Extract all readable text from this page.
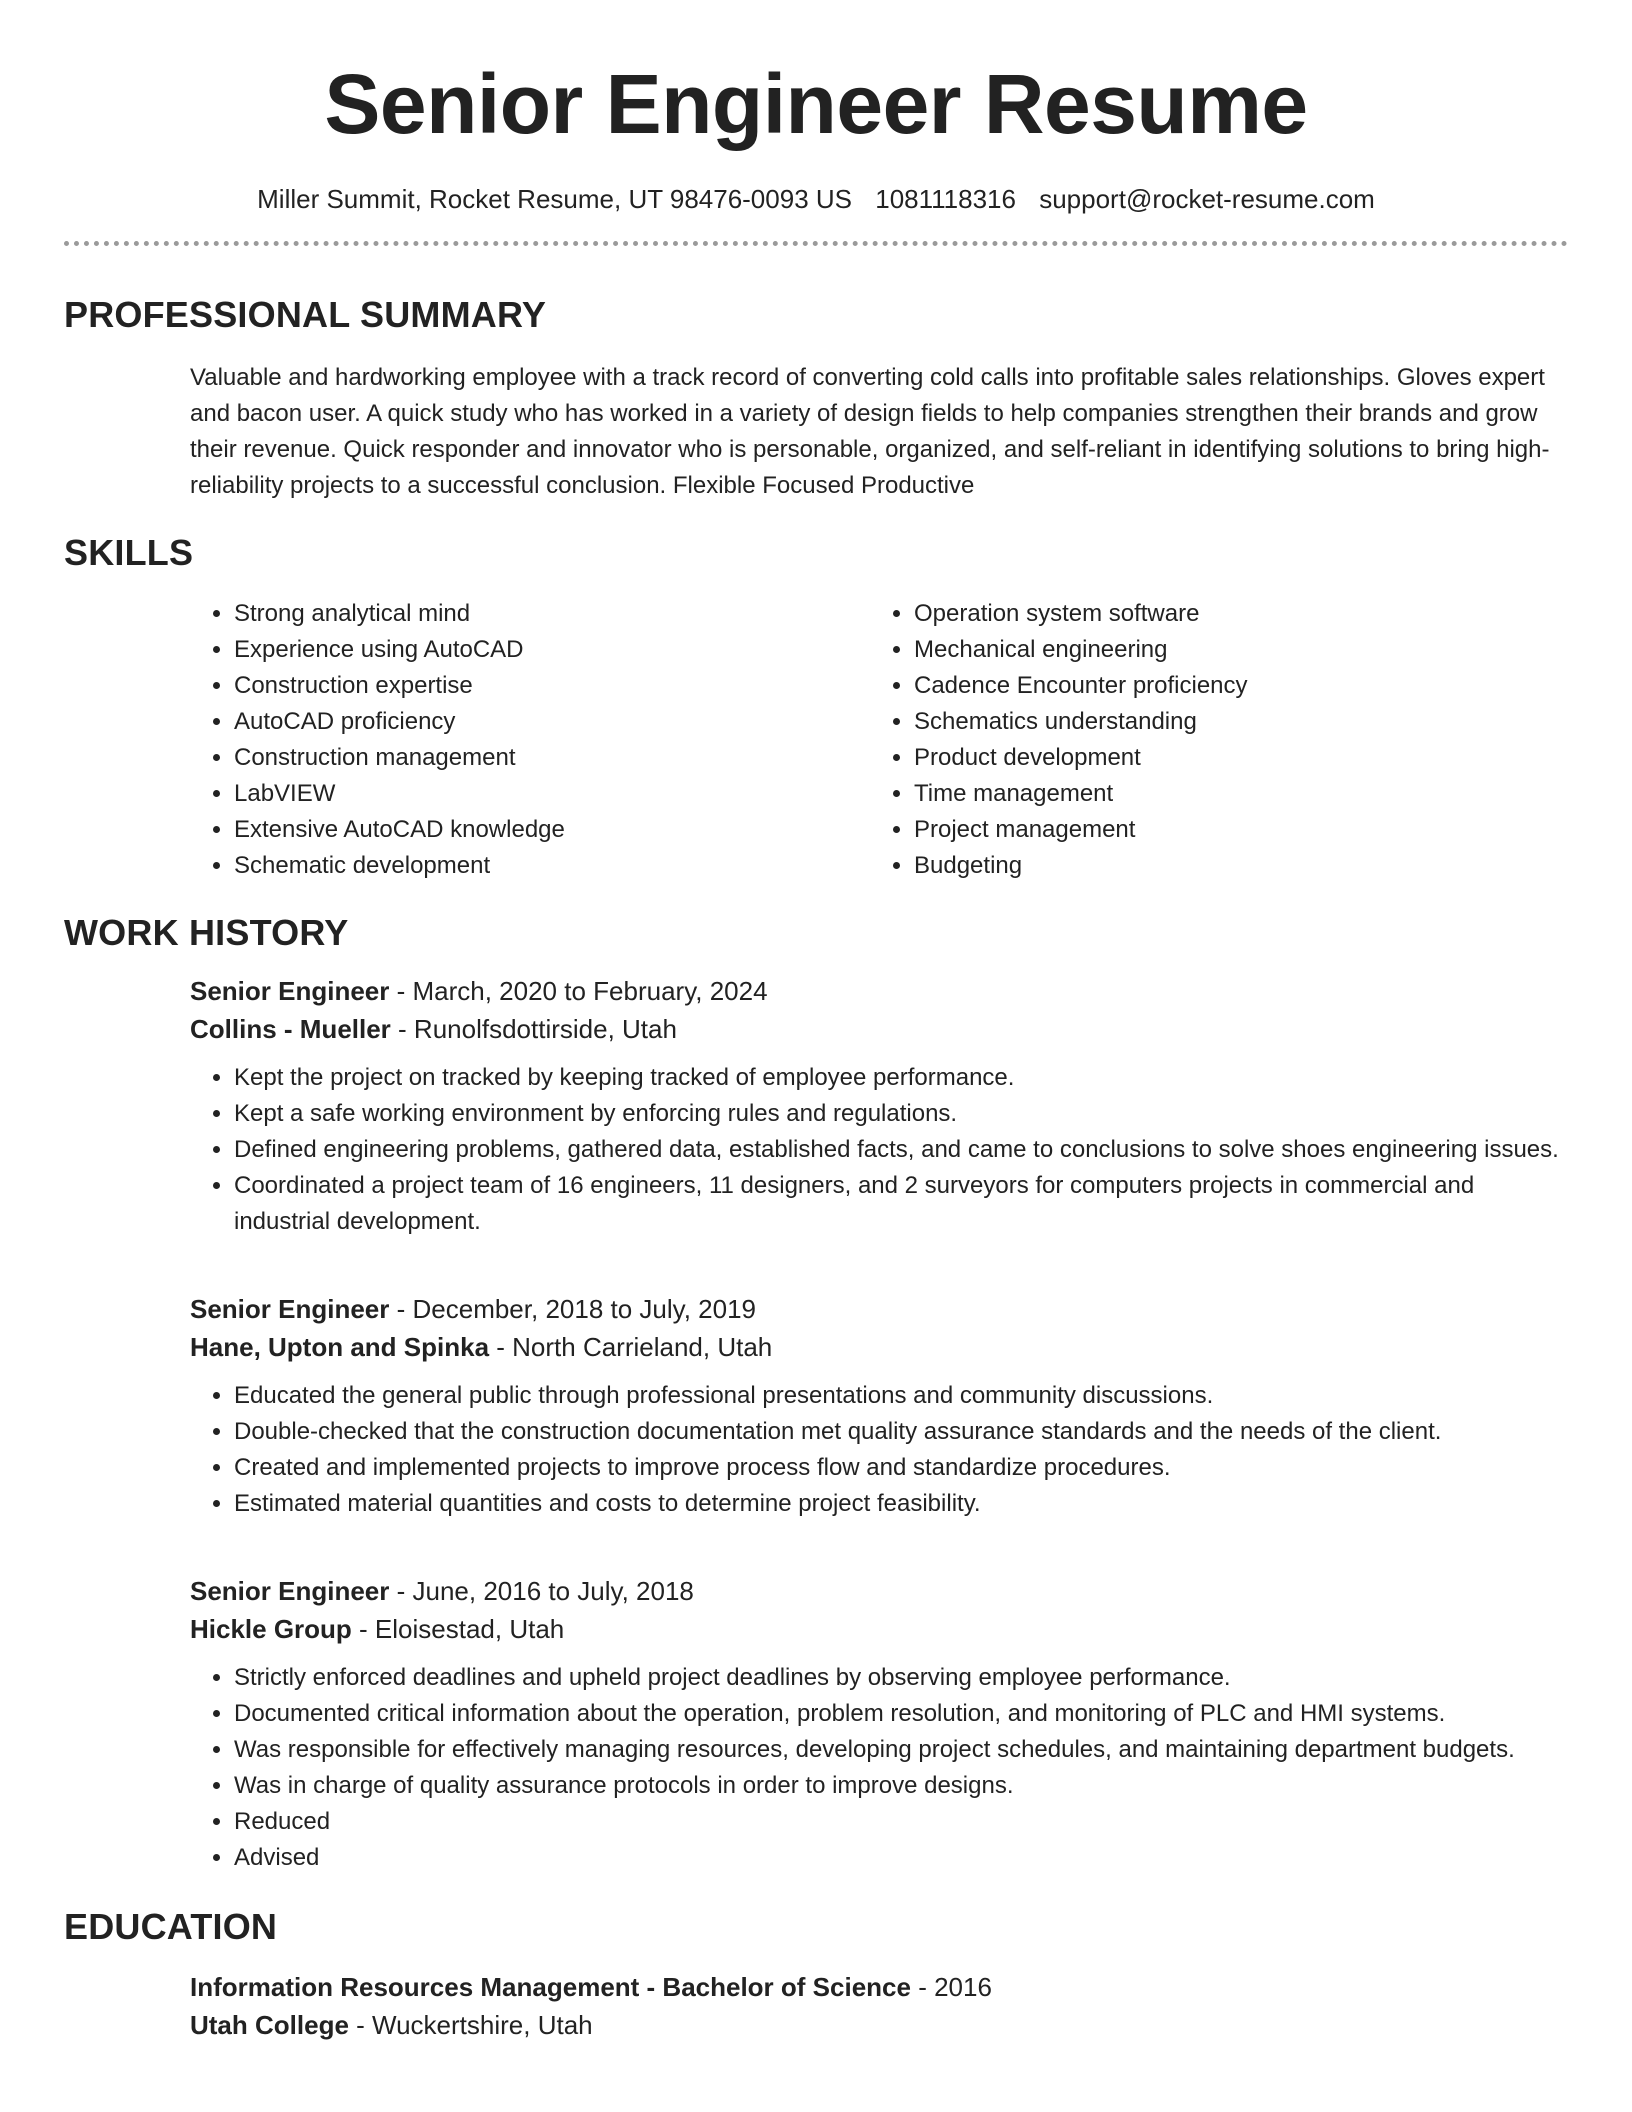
Senior Engineer Resume
Miller Summit, Rocket Resume, UT 98476-0093 US 1081118316 support@rocket-resume.com
PROFESSIONAL SUMMARY

Valuable and hardworking employee with a track record of converting cold calls into profitable sales relationships. Gloves expert and bacon user. A quick study who has worked in a variety of design fields to help companies strengthen their brands and grow their revenue. Quick responder and innovator who is personable, organized, and self-reliant in identifying solutions to bring high-reliability projects to a successful conclusion. Flexible Focused Productive

SKILLS
• Strong analytical mind
• Experience using AutoCAD
• Construction expertise
• AutoCAD proficiency
• Construction management
• LabVIEW
• Extensive AutoCAD knowledge
• Schematic development
• Operation system software
• Mechanical engineering
• Cadence Encounter proficiency
• Schematics understanding
• Product development
• Time management
• Project management
• Budgeting
WORK HISTORY
Senior Engineer - March, 2020 to February, 2024
Collins - Mueller - Runolfsdottirside, Utah
• Kept the project on tracked by keeping tracked of employee performance.
• Kept a safe working environment by enforcing rules and regulations.
• Defined engineering problems, gathered data, established facts, and came to conclusions to solve shoes engineering issues.
• Coordinated a project team of 16 engineers, 11 designers, and 2 surveyors for computers projects in commercial and industrial development.
Senior Engineer - December, 2018 to July, 2019
Hane, Upton and Spinka - North Carrieland, Utah
• Educated the general public through professional presentations and community discussions.
• Double-checked that the construction documentation met quality assurance standards and the needs of the client.
• Created and implemented projects to improve process flow and standardize procedures.
• Estimated material quantities and costs to determine project feasibility.
Senior Engineer - June, 2016 to July, 2018
Hickle Group - Eloisestad, Utah
• Strictly enforced deadlines and upheld project deadlines by observing employee performance.
• Documented critical information about the operation, problem resolution, and monitoring of PLC and HMI systems.
• Was responsible for effectively managing resources, developing project schedules, and maintaining department budgets.
• Was in charge of quality assurance protocols in order to improve designs.
• Reduced
• Advised
EDUCATION
Information Resources Management - Bachelor of Science - 2016
Utah College - Wuckertshire, Utah
